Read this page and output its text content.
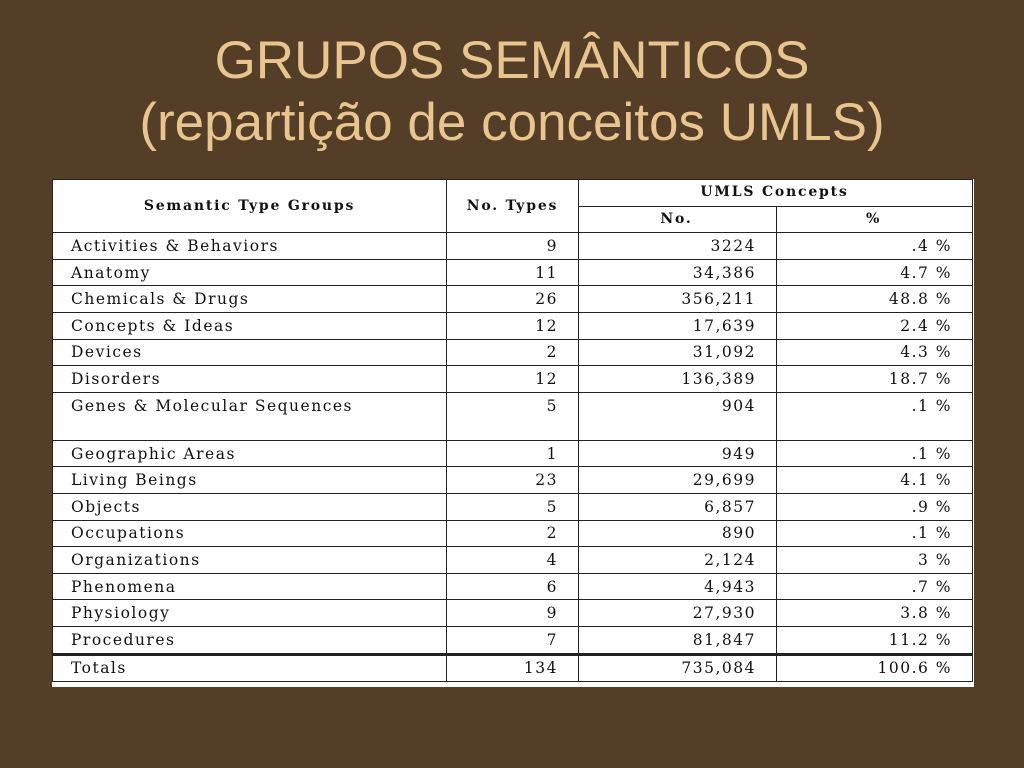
GRUPOS SEMÂNTICOS
(repartição de conceitos UMLS)
Semantic Type Groups	No. Types	UMLS Concepts	
		No.	%
Activities & Behaviors	9	3224	.4 %
Anatomy	11	34,386	4.7 %
Chemicals & Drugs	26	356,211	48.8 %
Concepts & Ideas	12	17,639	2.4 %
Devices	2	31,092	4.3 %
Disorders	12	136,389	18.7 %
Genes & Molecular Sequences	5	904	.1 %
Geographic Areas	1	949	.1 %
Living Beings	23	29,699	4.1 %
Objects	5	6,857	.9 %
Occupations	2	890	.1 %
Organizations	4	2,124	3 %
Phenomena	6	4,943	.7 %
Physiology	9	27,930	3.8 %
Procedures	7	81,847	11.2 %
Totals	134	735,084	100.6 %
